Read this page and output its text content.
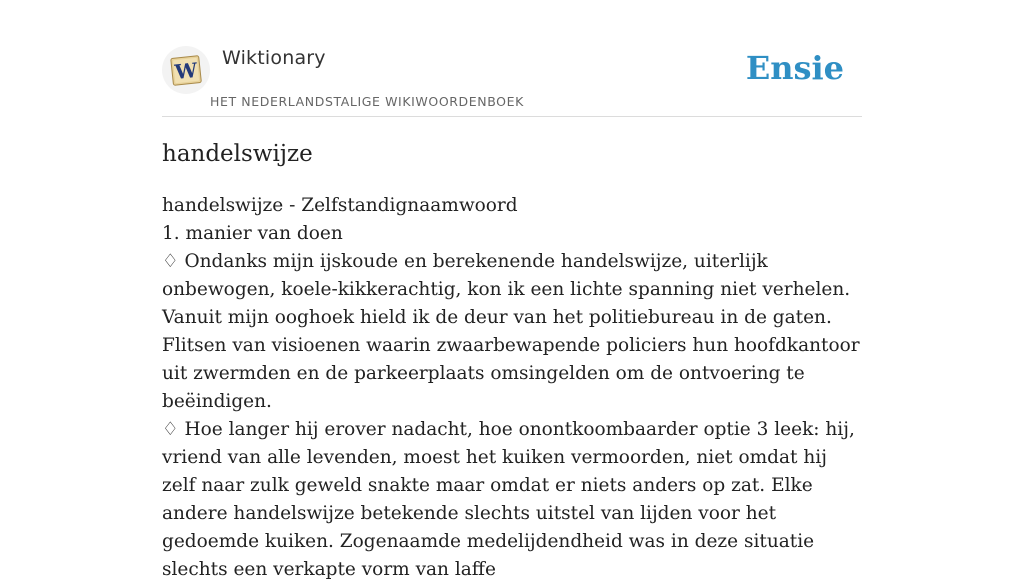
W Wiktionary
HET NEDERLANDSTALIGE WIKIWOORDENBOEK
Ensie
handelswijze
handelswijze - Zelfstandignaamwoord
1. manier van doen
♢ Ondanks mijn ijskoude en berekenende handelswijze, uiterlijk onbewogen, koele-kikkerachtig, kon ik een lichte spanning niet verhelen. Vanuit mijn ooghoek hield ik de deur van het politiebureau in de gaten. Flitsen van visioenen waarin zwaarbewapende policiers hun hoofdkantoor uit zwermden en de parkeerplaats omsingelden om de ontvoering te beëindigen.
♢ Hoe langer hij erover nadacht, hoe onontkoombaarder optie 3 leek: hij, vriend van alle levenden, moest het kuiken vermoorden, niet omdat hij zelf naar zulk geweld snakte maar omdat er niets anders op zat. Elke andere handelswijze betekende slechts uitstel van lijden voor het gedoemde kuiken. Zogenaamde medelijdendheid was in deze situatie slechts een verkapte vorm van laffe
